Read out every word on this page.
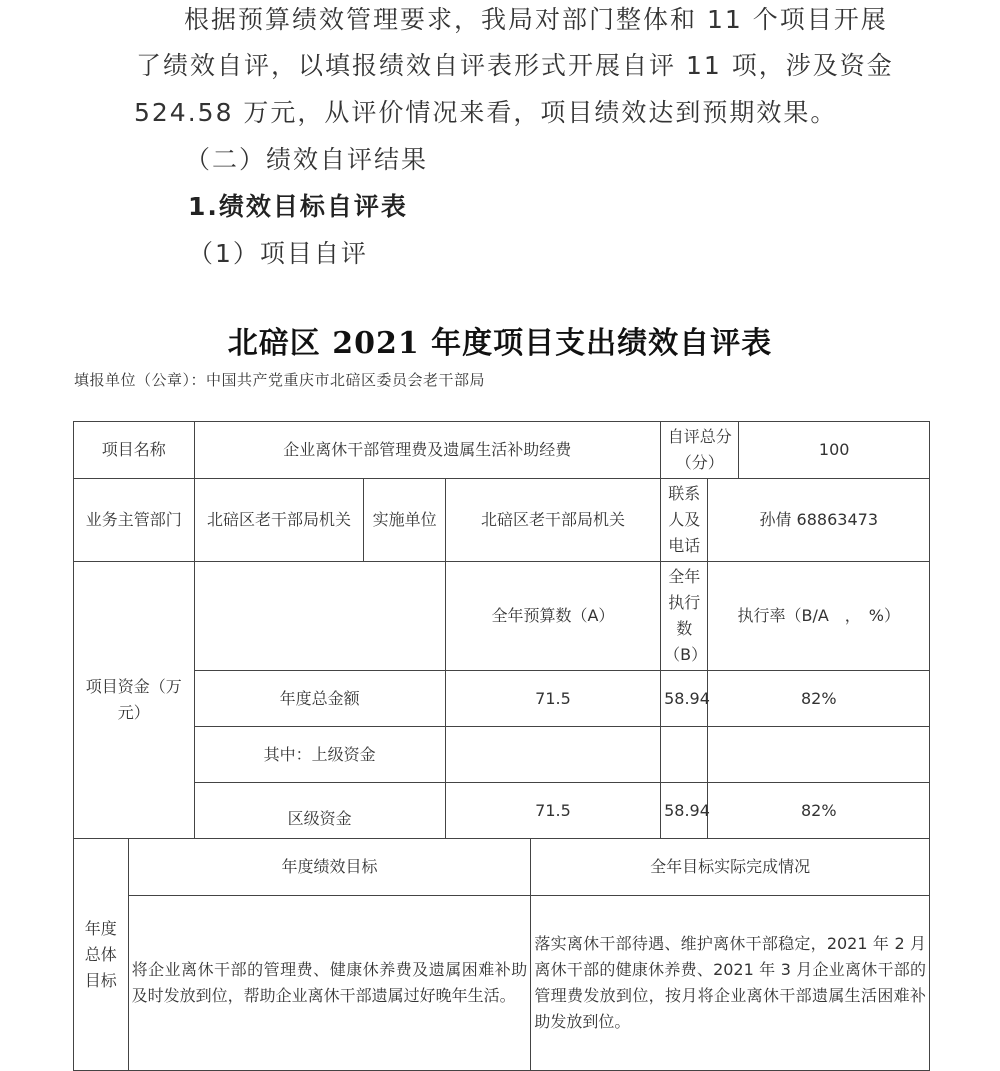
根据预算绩效管理要求，我局对部门整体和 11 个项目开展
了绩效自评，以填报绩效自评表形式开展自评 11 项，涉及资金
524.58 万元，从评价情况来看，项目绩效达到预期效果。
（二）绩效自评结果
1.绩效目标自评表
（1）项目自评
北碚区 2021 年度项目支出绩效自评表
填报单位（公章）：中国共产党重庆市北碚区委员会老干部局
项目名称		企业离休干部管理费及遗属生活补助经费				自评总分（分）		100
业务主管部门		北碚区老干部局机关	实施单位	北碚区老干部局机关		联系人及电话	孙倩 68863473	
项目资金（万元）				全年预算数（A）		全年执行数（B）	执行率（B/A　，　%）	
		年度总金额		71.5		58.94	82%	
		其中：上级资金						
		区级资金		71.5		58.94	82%	
年度总体目标	年度绩效目标				全年目标实际完成情况			
	将企业离休干部的管理费、健康休养费及遗属困难补助及时发放到位，帮助企业离休干部遗属过好晚年生活。				落实离休干部待遇、维护离休干部稳定，2021 年 2 月离休干部的健康休养费、2021 年 3 月企业离休干部的管理费发放到位，按月将企业离休干部遗属生活困难补助发放到位。			
